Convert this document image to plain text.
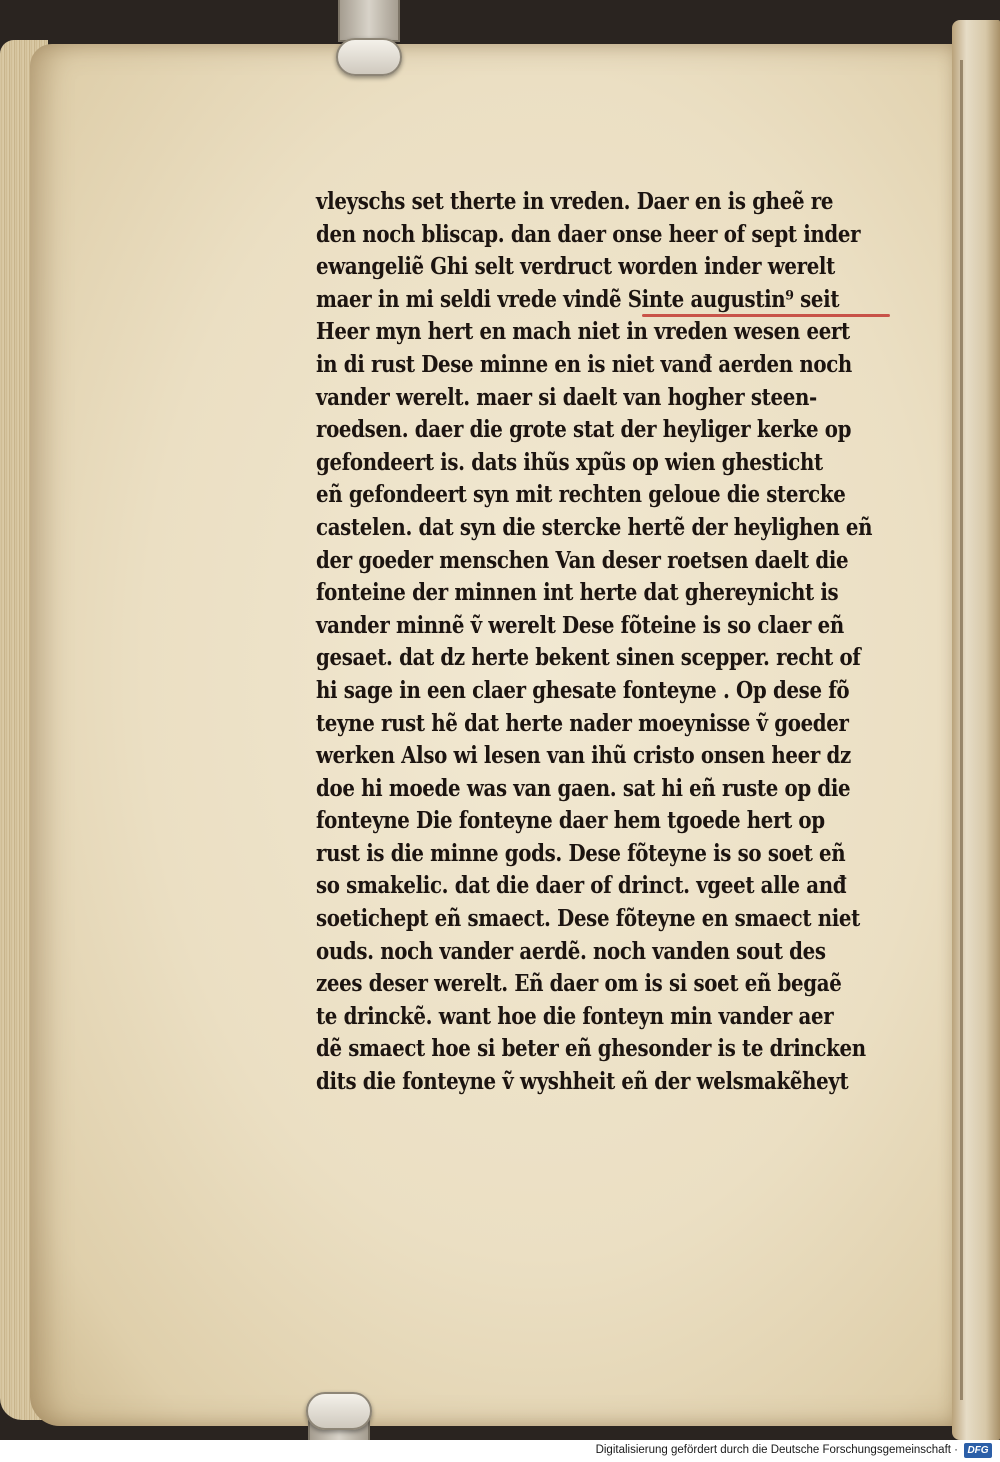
vleyschs set therte in vreden. Daer en is gheẽ re
den noch bliscap. dan daer onse heer of sept inder
ewangeliẽ Ghi selt verdruct worden inder werelt
maer in mi seldi vrede vindẽ Sinte augustin⁹ seit
Heer myn hert en mach niet in vreden wesen eert
in di rust Dese minne en is niet vanđ aerden noch
vander werelt. maer si daelt van hogher steen-
roedsen. daer die grote stat der heyliger kerke op
gefondeert is. dats ihũs xpũs op wien ghesticht
eñ gefondeert syn mit rechten geloue die stercke
castelen. dat syn die stercke hertẽ der heylighen eñ
der goeder menschen Van deser roetsen daelt die
fonteine der minnen int herte dat ghereynicht is
vander minnẽ ṽ werelt Dese fõteine is so claer eñ
gesaet. dat dz herte bekent sinen scepper. recht of
hi sage in een claer ghesate fonteyne . Op dese fõ
teyne rust hẽ dat herte nader moeynisse ṽ goeder
werken Also wi lesen van ihũ cristo onsen heer dz
doe hi moede was van gaen. sat hi eñ ruste op die
fonteyne Die fonteyne daer hem tgoede hert op
rust is die minne gods. Dese fõteyne is so soet eñ
so smakelic. dat die daer of drinct. vgeet alle anđ
soetichept eñ smaect. Dese fõteyne en smaect niet
ouds. noch vander aerdẽ. noch vanden sout des
zees deser werelt. Eñ daer om is si soet eñ begaẽ
te drinckẽ. want hoe die fonteyn min vander aer
dẽ smaect hoe si beter eñ ghesonder is te drincken
dits die fonteyne ṽ wyshheit eñ der welsmakẽheyt
Digitalisierung gefördert durch die Deutsche Forschungsgemeinschaft · DFG
